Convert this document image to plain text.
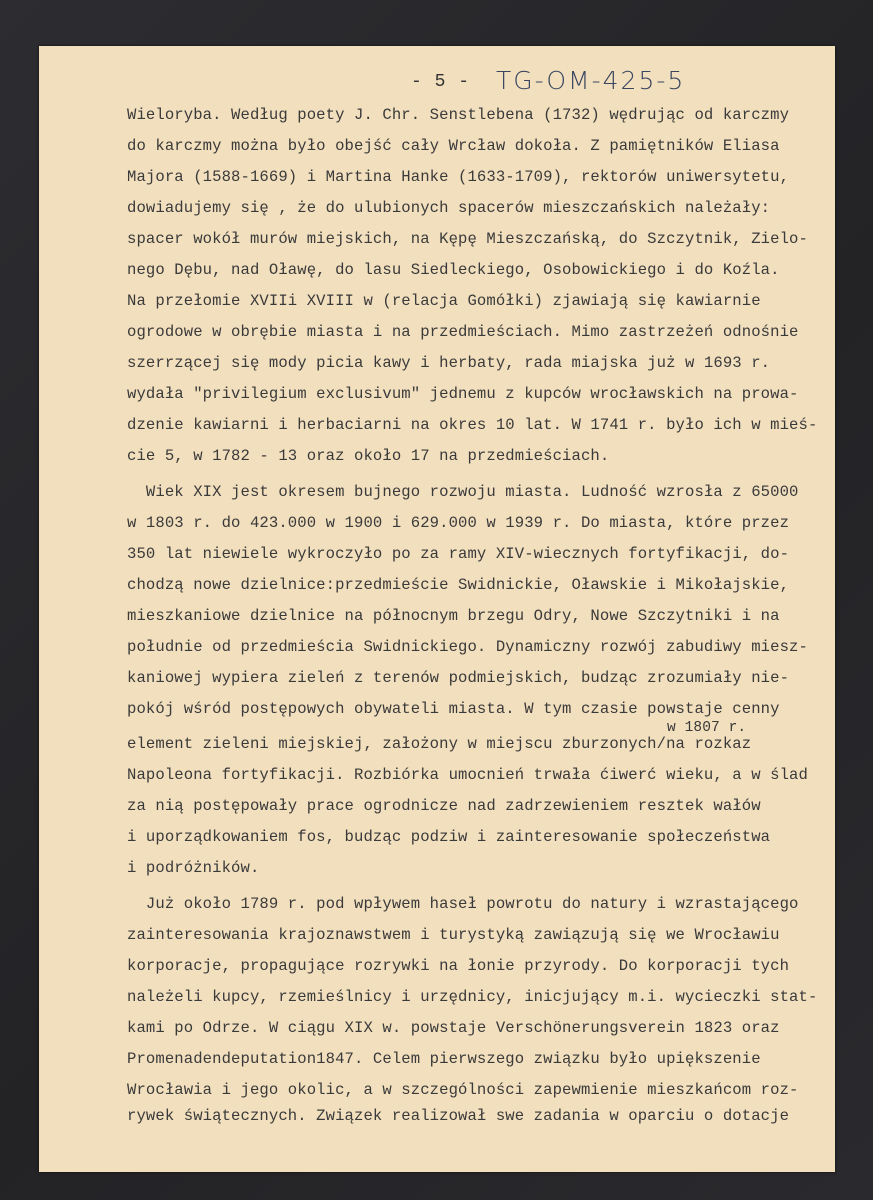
- 5 - TG-OM-425-5
Wieloryba. Według poety J. Chr. Senstlebena (1732) wędrując od karczmy
do karczmy można było obejść cały Wrcław dokoła. Z pamiętników Eliasa
Majora (1588-1669) i Martina Hanke (1633-1709), rektorów uniwersytetu,
dowiadujemy się , że do ulubionych spacerów mieszczańskich należały:
spacer wokół murów miejskich, na Kępę Mieszczańską, do Szczytnik, Zielo-
nego Dębu, nad Oławę, do lasu Siedleckiego, Osobowickiego i do Koźla.
Na przełomie XVIIi XVIII w (relacja Gomółki) zjawiają się kawiarnie
ogrodowe w obrębie miasta i na przedmieściach. Mimo zastrzeżeń odnośnie
szerrzącej się mody picia kawy i herbaty, rada miajska już w 1693 r.
wydała "privilegium exclusivum" jednemu z kupców wrocławskich na prowa-
dzenie kawiarni i herbaciarni na okres 10 lat. W 1741 r. było ich w mieś-
cie 5, w 1782 - 13 oraz około 17 na przedmieściach.
Wiek XIX jest okresem bujnego rozwoju miasta. Ludność wzrosła z 65000
w 1803 r. do 423.000 w 1900 i 629.000 w 1939 r. Do miasta, które przez
350 lat niewiele wykroczyło po za ramy XIV-wiecznych fortyfikacji, do-
chodzą nowe dzielnice:przedmieście Swidnickie, Oławskie i Mikołajskie,
mieszkaniowe dzielnice na północnym brzegu Odry, Nowe Szczytniki i na
południe od przedmieścia Swidnickiego. Dynamiczny rozwój zabudiwy miesz-
kaniowej wypiera zieleń z terenów podmiejskich, budząc zrozumiały nie-
pokój wśród postępowych obywateli miasta. W tym czasie powstaje cenny
w 1807 r.
element zieleni miejskiej, założony w miejscu zburzonych/na rozkaz
Napoleona fortyfikacji. Rozbiórka umocnień trwała ćiwerć wieku, a w ślad
za nią postępowały prace ogrodnicze nad zadrzewieniem resztek wałów
i uporządkowaniem fos, budząc podziw i zainteresowanie społeczeństwa
i podróżników.
Już około 1789 r. pod wpływem haseł powrotu do natury i wzrastającego
zainteresowania krajoznawstwem i turystyką zawiązują się we Wrocławiu
korporacje, propagujące rozrywki na łonie przyrody. Do korporacji tych
należeli kupcy, rzemieślnicy i urzędnicy, inicjujący m.i. wycieczki stat-
kami po Odrze. W ciągu XIX w. powstaje Verschönerungsverein 1823 oraz
Promenadendeputation1847. Celem pierwszego związku było upiększenie
Wrocławia i jego okolic, a w szczególności zapewmienie mieszkańcom roz-
rywek świątecznych. Związek realizował swe zadania w oparciu o dotacje
